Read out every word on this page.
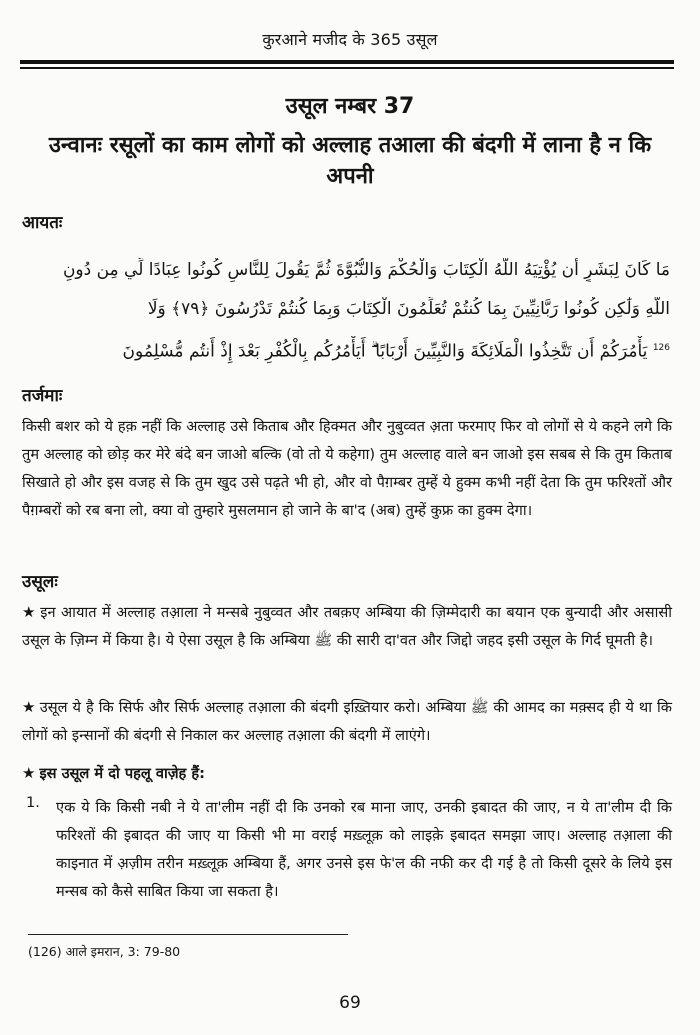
कुरआने मजीद के 365 उसूल
उसूल नम्बर 37
उन्वानः रसूलों का काम लोगों को अल्लाह तआला की बंदगी में लाना है न कि अपनी
आयतः
مَا كَانَ لِبَشَرٍ أَن يُؤْتِيَهُ اللَّهُ الْكِتَابَ وَالْحُكْمَ وَالنُّبُوَّةَ ثُمَّ يَقُولَ لِلنَّاسِ كُونُوا عِبَادًا لِّي مِن دُونِ
اللَّهِ وَلَٰكِن كُونُوا رَبَّانِيِّينَ بِمَا كُنتُمْ تُعَلِّمُونَ الْكِتَابَ وَبِمَا كُنتُمْ تَدْرُسُونَ ﴿٧٩﴾ وَلَا
$^{126}$ يَأْمُرَكُمْ أَن تَتَّخِذُوا الْمَلَائِكَةَ وَالنَّبِيِّينَ أَرْبَابًا ۗ أَيَأْمُرُكُم بِالْكُفْرِ بَعْدَ إِذْ أَنتُم مُّسْلِمُونَ
तर्जमाः
किसी बशर को ये हक़ नहीं कि अल्लाह उसे किताब और हिक्मत और नुबुव्वत अ़ता फरमाए फिर वो लोगों से ये कहने लगे कि तुम अल्लाह को छोड़ कर मेरे बंदे बन जाओ बल्कि (वो तो ये कहेगा) तुम अल्लाह वाले बन जाओ इस सबब से कि तुम किताब सिखाते हो और इस वजह से कि तुम खुद उसे पढ़ते भी हो, और वो पैग़म्बर तुम्हें ये हुक्म कभी नहीं देता कि तुम फरिश्तों और पैग़म्बरों को रब बना लो, क्या वो तुम्हारे मुसलमान हो जाने के बा'द (अब) तुम्हें कुफ्र का हुक्म देगा।
उसूलः
★ इन आयात में अल्लाह तआ़ला ने मन्सबे नुबुव्वत और तबक़ए अम्बिया की ज़िम्मेदारी का बयान एक बुन्यादी और असासी उसूल के ज़िम्न में किया है। ये ऐसा उसूल है कि अम्बिया ﷺ की सारी दा'वत और जिद्दो जहद इसी उसूल के गिर्द घूमती है।
★ उसूल ये है कि सिर्फ और सिर्फ अल्लाह तआ़ला की बंदगी इख़्तियार करो। अम्बिया ﷺ की आमद का मक़्सद ही ये था कि लोगों को इन्सानों की बंदगी से निकाल कर अल्लाह तआ़ला की बंदगी में लाएंगे।
★ इस उसूल में दो पहलू वाज़ेह हैं:
1. एक ये कि किसी नबी ने ये ता'लीम नहीं दी कि उनको रब माना जाए, उनकी इबादत की जाए, न ये ता'लीम दी कि फरिश्तों की इबादत की जाए या किसी भी मा वराई मख़्लूक़ को लाइक़े इबादत समझा जाए। अल्लाह तआ़ला की काइनात में अ़ज़ीम तरीन मख़्लूक़ अम्बिया हैं, अगर उनसे इस फे'ल की नफी कर दी गई है तो किसी दूसरे के लिये इस मन्सब को कैसे साबित किया जा सकता है।
(126) आले इमरान, 3: 79-80
69
